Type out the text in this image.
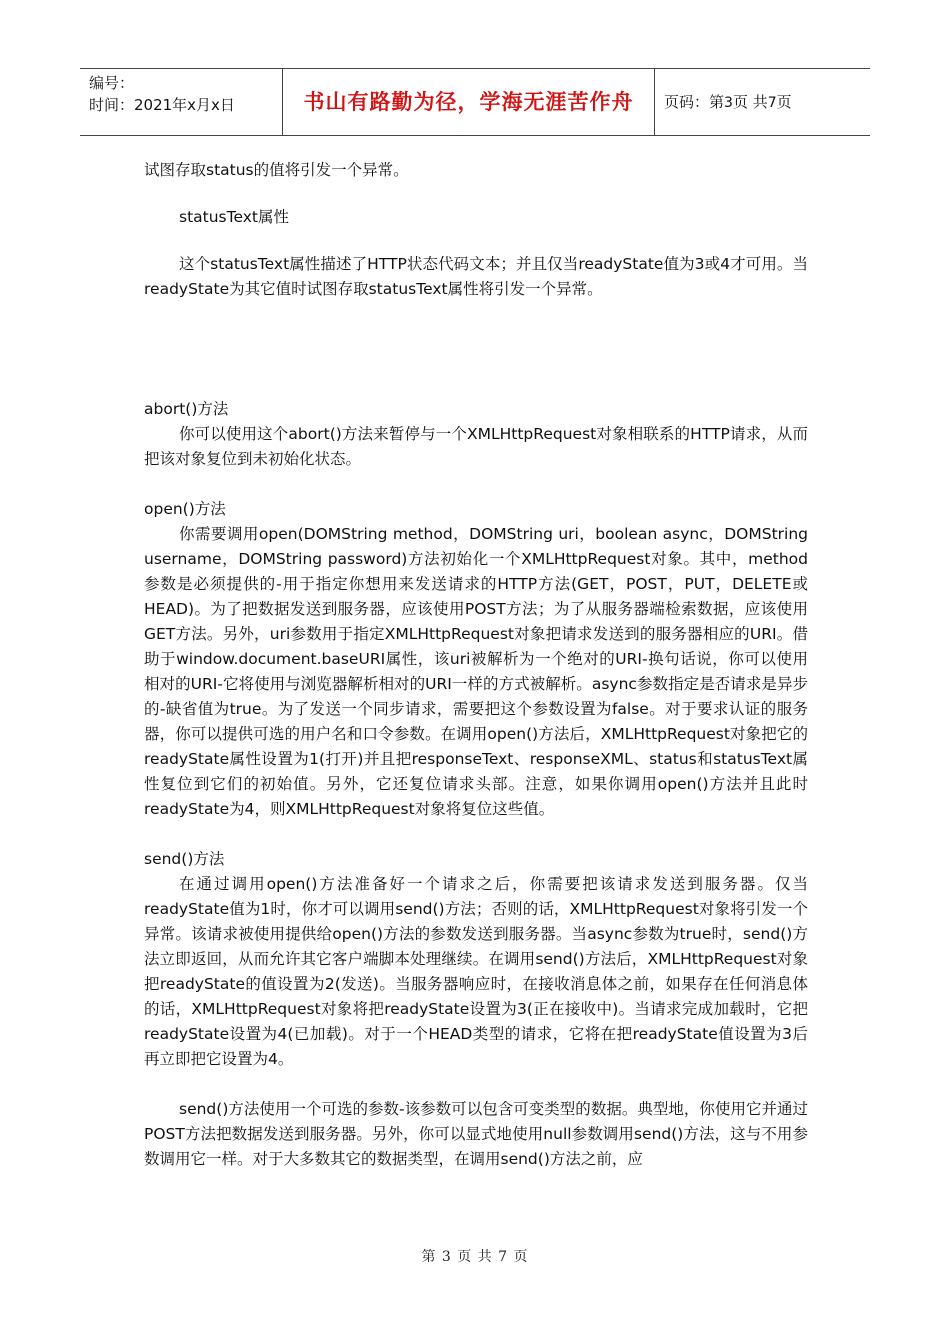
编号：
时间：2021年x月x日	书山有路勤为径，学海无涯苦作舟	页码：第3页 共7页

试图存取status的值将引发一个异常。

statusText属性

这个statusText属性描述了HTTP状态代码文本；并且仅当readyState值为3或4才可用。当readyState为其它值时试图存取statusText属性将引发一个异常。

abort()方法

你可以使用这个abort()方法来暂停与一个XMLHttpRequest对象相联系的HTTP请求，从而把该对象复位到未初始化状态。

open()方法

你需要调用open(DOMString method，DOMString uri，boolean async，DOMString username，DOMString password)方法初始化一个XMLHttpRequest对象。其中，method参数是必须提供的-用于指定你想用来发送请求的HTTP方法(GET，POST，PUT，DELETE或HEAD)。为了把数据发送到服务器，应该使用POST方法；为了从服务器端检索数据，应该使用GET方法。另外，uri参数用于指定XMLHttpRequest对象把请求发送到的服务器相应的URI。借助于window.document.baseURI属性，该uri被解析为一个绝对的URI-换句话说，你可以使用相对的URI-它将使用与浏览器解析相对的URI一样的方式被解析。async参数指定是否请求是异步的-缺省值为true。为了发送一个同步请求，需要把这个参数设置为false。对于要求认证的服务器，你可以提供可选的用户名和口令参数。在调用open()方法后，XMLHttpRequest对象把它的readyState属性设置为1(打开)并且把responseText、responseXML、status和statusText属性复位到它们的初始值。另外，它还复位请求头部。注意，如果你调用open()方法并且此时readyState为4，则XMLHttpRequest对象将复位这些值。

send()方法

在通过调用open()方法准备好一个请求之后，你需要把该请求发送到服务器。仅当readyState值为1时，你才可以调用send()方法；否则的话，XMLHttpRequest对象将引发一个异常。该请求被使用提供给open()方法的参数发送到服务器。当async参数为true时，send()方法立即返回，从而允许其它客户端脚本处理继续。在调用send()方法后，XMLHttpRequest对象把readyState的值设置为2(发送)。当服务器响应时，在接收消息体之前，如果存在任何消息体的话，XMLHttpRequest对象将把readyState设置为3(正在接收中)。当请求完成加载时，它把readyState设置为4(已加载)。对于一个HEAD类型的请求，它将在把readyState值设置为3后再立即把它设置为4。

send()方法使用一个可选的参数-该参数可以包含可变类型的数据。典型地，你使用它并通过POST方法把数据发送到服务器。另外，你可以显式地使用null参数调用send()方法，这与不用参数调用它一样。对于大多数其它的数据类型，在调用send()方法之前，应

第 3 页 共 7 页
